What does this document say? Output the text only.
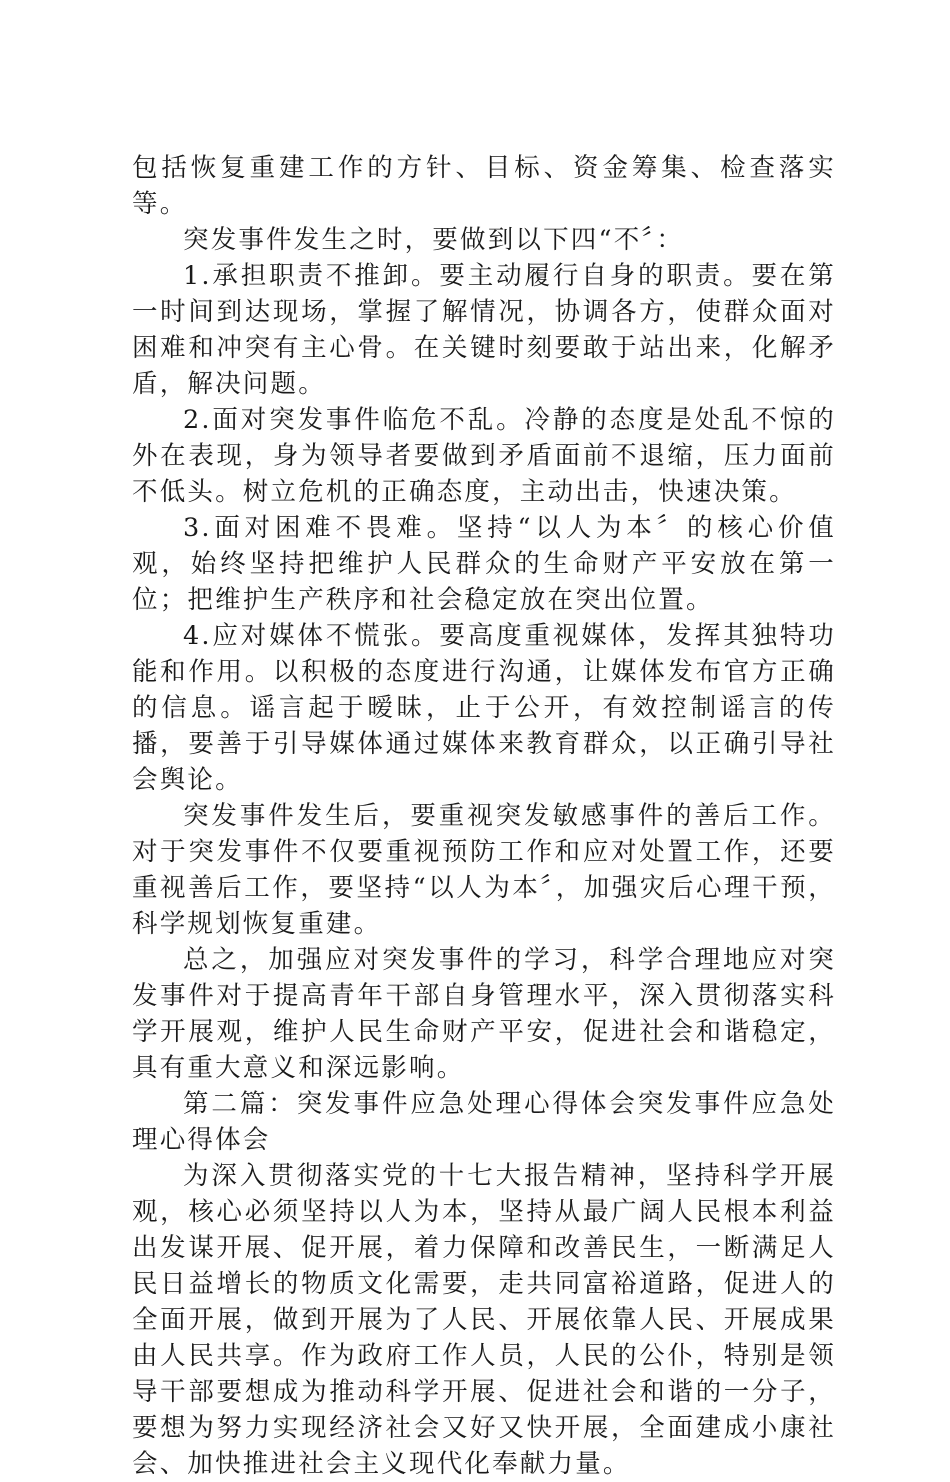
包括恢复重建工作的方针、目标、资金筹集、检查落实等。

突发事件发生之时，要做到以下四“不〞：

1.承担职责不推卸。要主动履行自身的职责。要在第一时间到达现场，掌握了解情况，协调各方，使群众面对困难和冲突有主心骨。在关键时刻要敢于站出来，化解矛盾，解决问题。

2.面对突发事件临危不乱。冷静的态度是处乱不惊的外在表现，身为领导者要做到矛盾面前不退缩，压力面前不低头。树立危机的正确态度，主动出击，快速决策。

3.面对困难不畏难。坚持“以人为本〞的核心价值观，始终坚持把维护人民群众的生命财产平安放在第一位；把维护生产秩序和社会稳定放在突出位置。

4.应对媒体不慌张。要高度重视媒体，发挥其独特功能和作用。以积极的态度进行沟通，让媒体发布官方正确的信息。谣言起于暧昧，止于公开，有效控制谣言的传播，要善于引导媒体通过媒体来教育群众，以正确引导社会舆论。

突发事件发生后，要重视突发敏感事件的善后工作。对于突发事件不仅要重视预防工作和应对处置工作，还要重视善后工作，要坚持“以人为本〞，加强灾后心理干预，科学规划恢复重建。

总之，加强应对突发事件的学习，科学合理地应对突发事件对于提高青年干部自身管理水平，深入贯彻落实科学开展观，维护人民生命财产平安，促进社会和谐稳定，具有重大意义和深远影响。

第二篇：突发事件应急处理心得体会突发事件应急处理心得体会

为深入贯彻落实党的十七大报告精神，坚持科学开展观，核心必须坚持以人为本，坚持从最广阔人民根本利益出发谋开展、促开展，着力保障和改善民生，一断满足人民日益增长的物质文化需要，走共同富裕道路，促进人的全面开展，做到开展为了人民、开展依靠人民、开展成果由人民共享。作为政府工作人员，人民的公仆，特别是领导干部要想成为推动科学开展、促进社会和谐的一分子，要想为努力实现经济社会又好又快开展，全面建成小康社会、加快推进社会主义现代化奉献力量。
